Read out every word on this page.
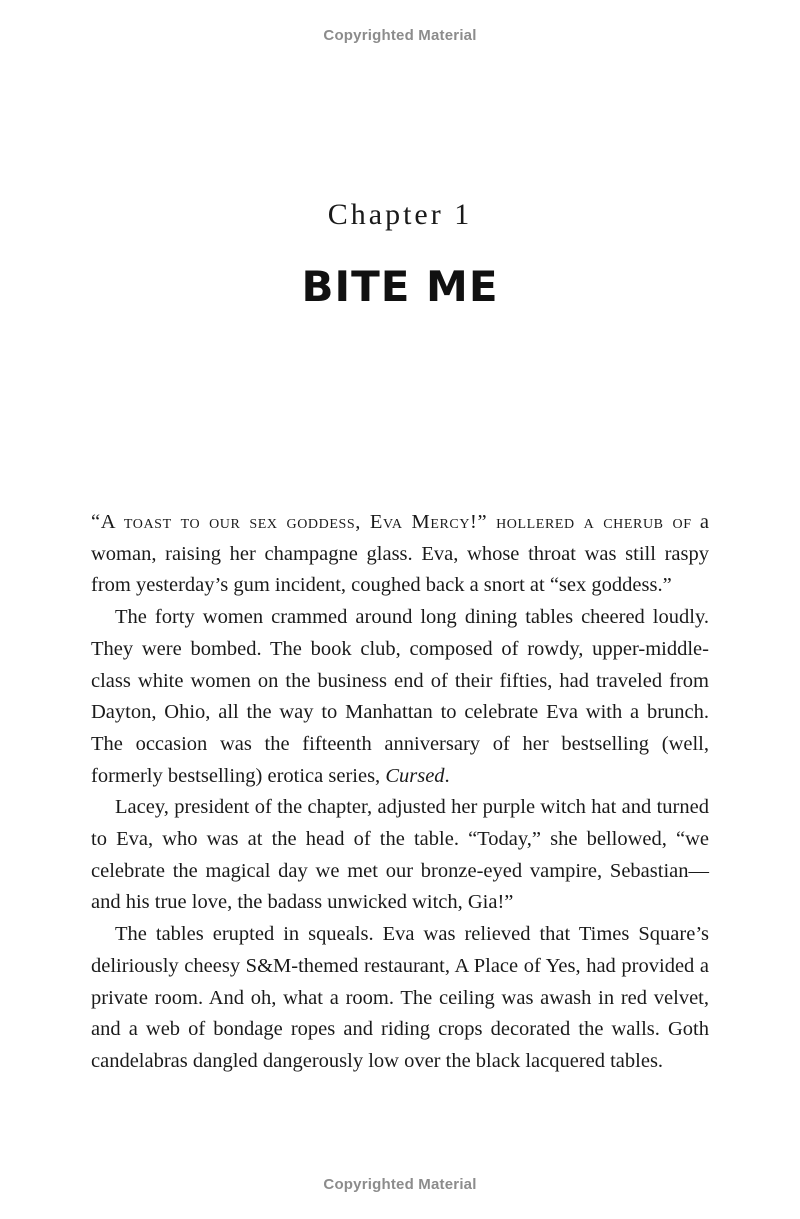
Copyrighted Material
Chapter 1
BITE ME

“A toast to our sex goddess, Eva Mercy!” hollered a cherub of a woman, raising her champagne glass. Eva, whose throat was still raspy from yesterday’s gum incident, coughed back a snort at “sex goddess.”

The forty women crammed around long dining tables cheered loudly. They were bombed. The book club, composed of rowdy, upper-middle-class white women on the business end of their fifties, had traveled from Dayton, Ohio, all the way to Manhattan to celebrate Eva with a brunch. The occasion was the fifteenth anniversary of her bestselling (well, formerly bestselling) erotica series, Cursed.

Lacey, president of the chapter, adjusted her purple witch hat and turned to Eva, who was at the head of the table. “Today,” she bellowed, “we celebrate the magical day we met our bronze-eyed vampire, Sebastian—and his true love, the badass unwicked witch, Gia!”

The tables erupted in squeals. Eva was relieved that Times Square’s deliriously cheesy S&M-themed restaurant, A Place of Yes, had provided a private room. And oh, what a room. The ceiling was awash in red velvet, and a web of bondage ropes and riding crops decorated the walls. Goth candelabras dangled dangerously low over the black lacquered tables.

Copyrighted Material
